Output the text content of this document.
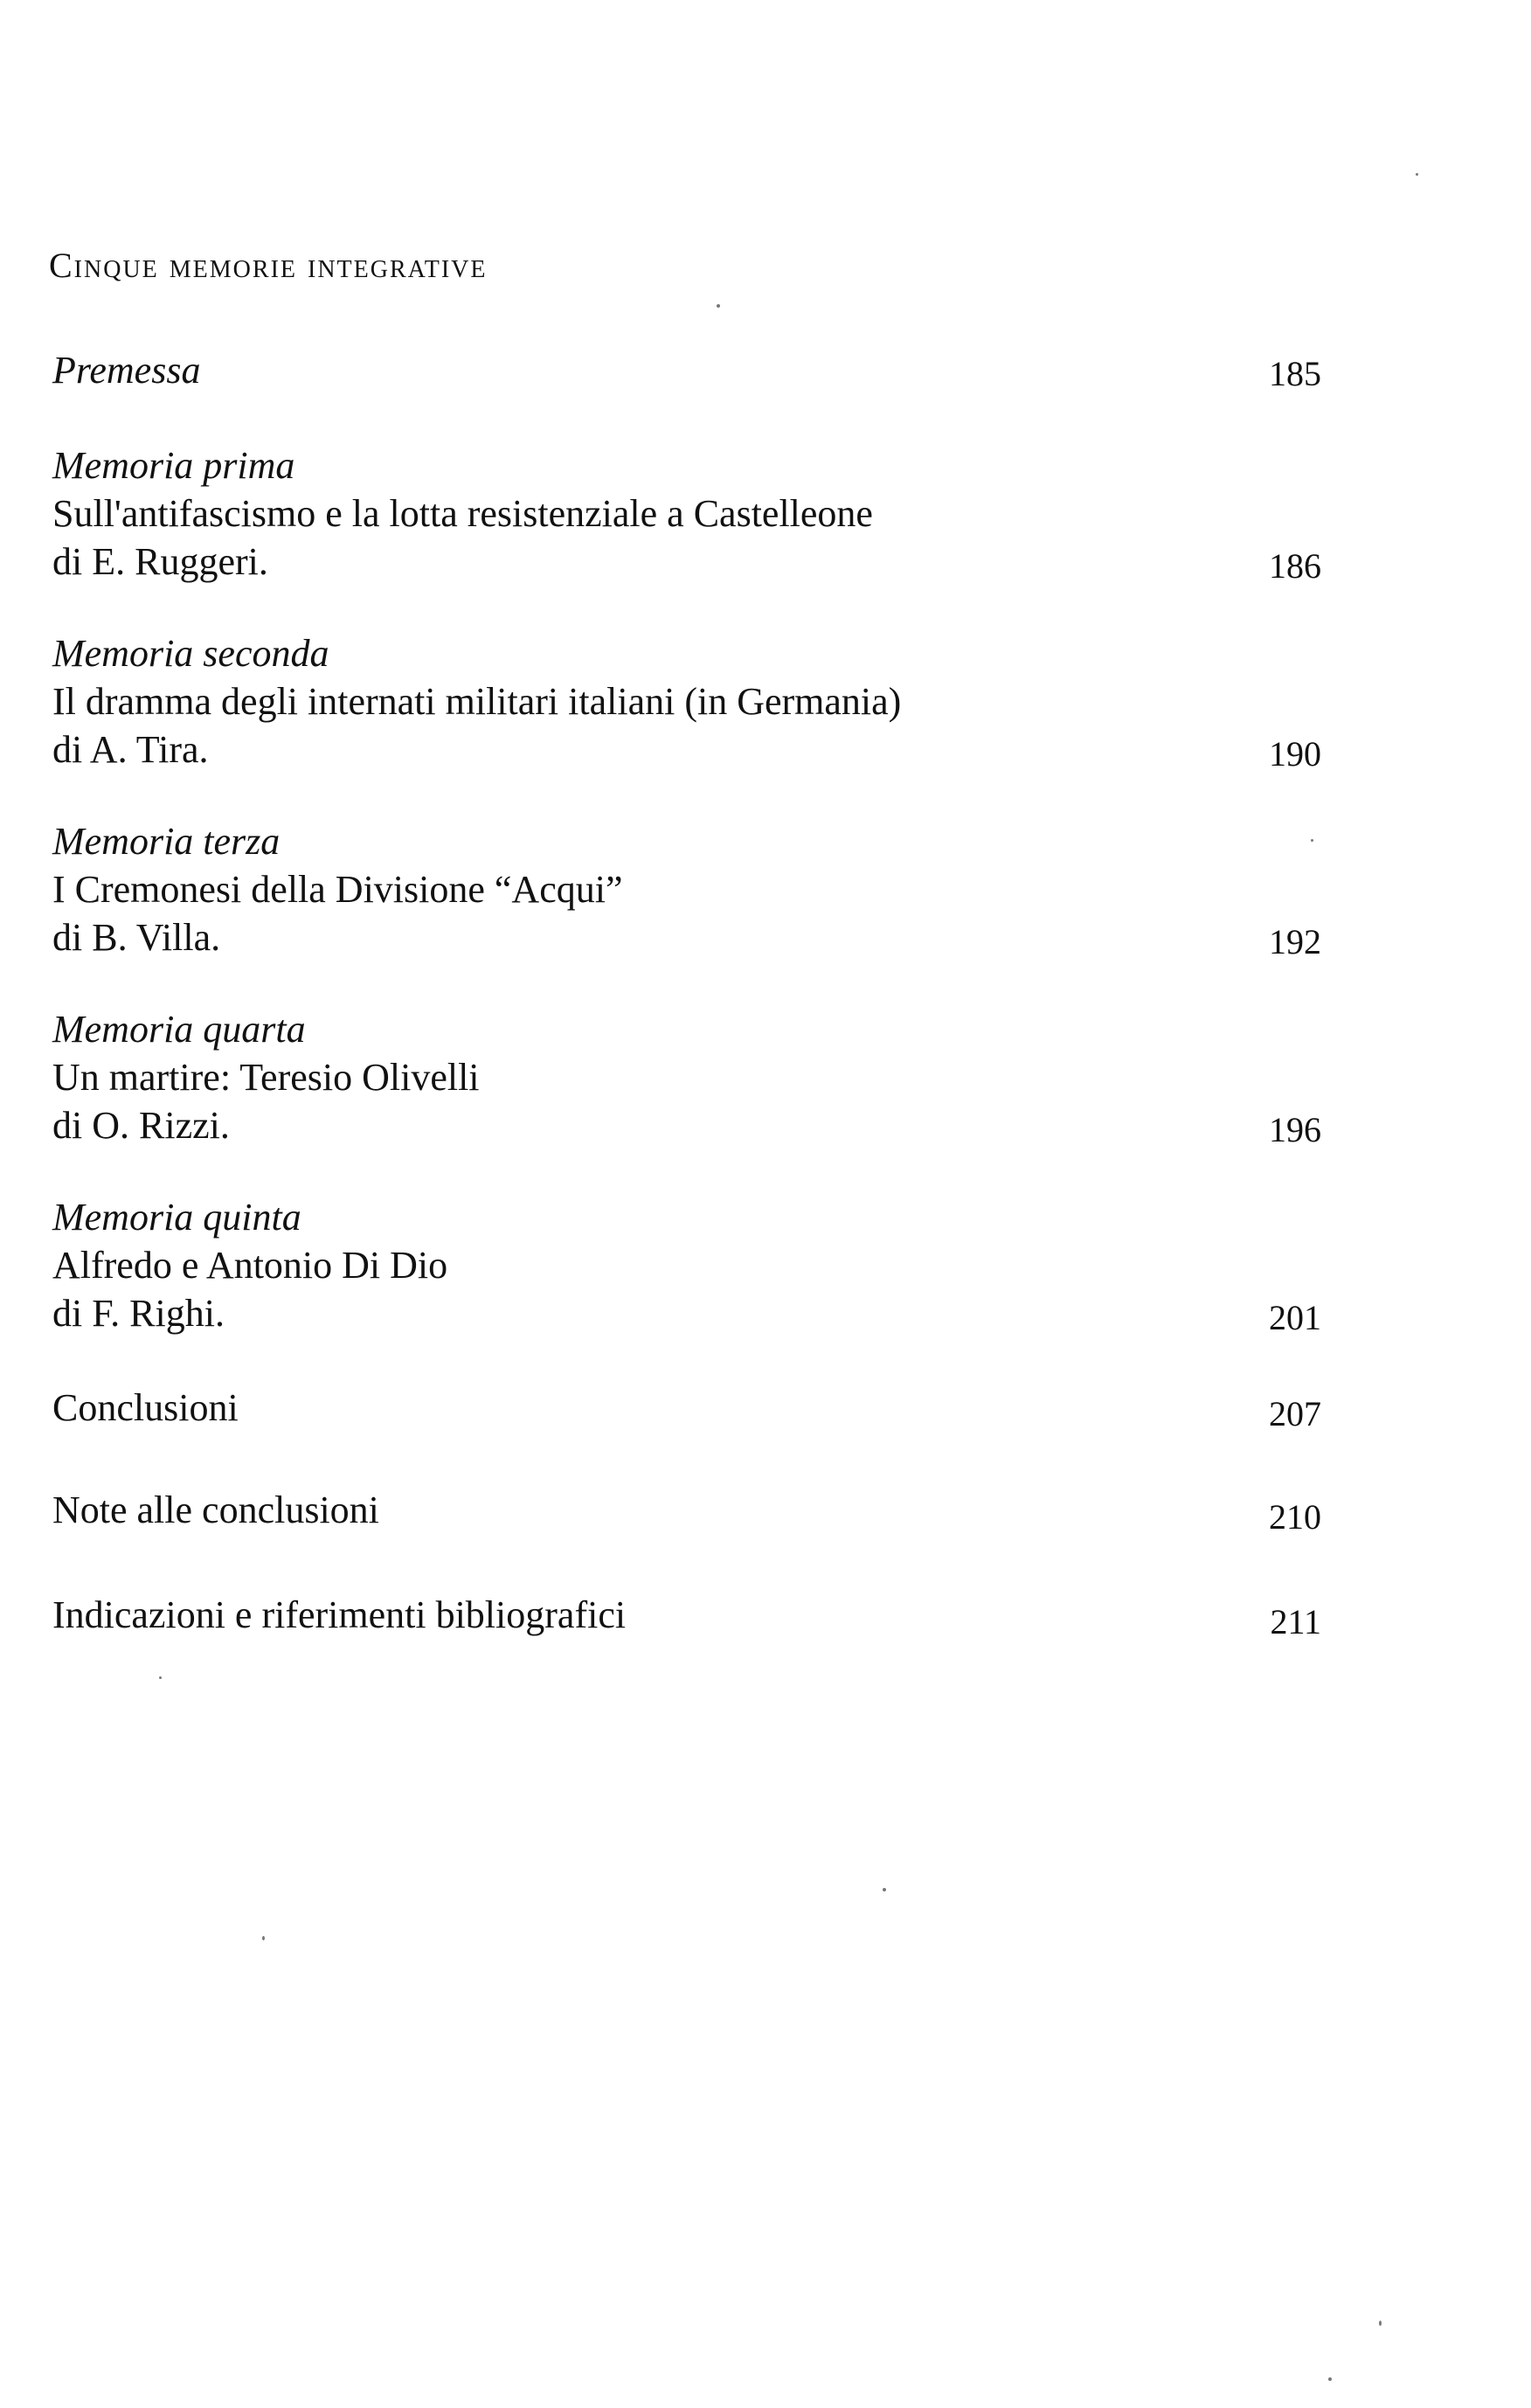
Cinque memorie integrative
Premessa	185
Memoria prima
Sull'antifascismo e la lotta resistenziale a Castelleone
di E. Ruggeri.	186
Memoria seconda
Il dramma degli internati militari italiani (in Germania)
di A. Tira.	190
Memoria terza
I Cremonesi della Divisione “Acqui”
di B. Villa.	192
Memoria quarta
Un martire: Teresio Olivelli
di O. Rizzi.	196
Memoria quinta
Alfredo e Antonio Di Dio
di F. Righi.	201
Conclusioni	207
Note alle conclusioni	210
Indicazioni e riferimenti bibliografici	211
